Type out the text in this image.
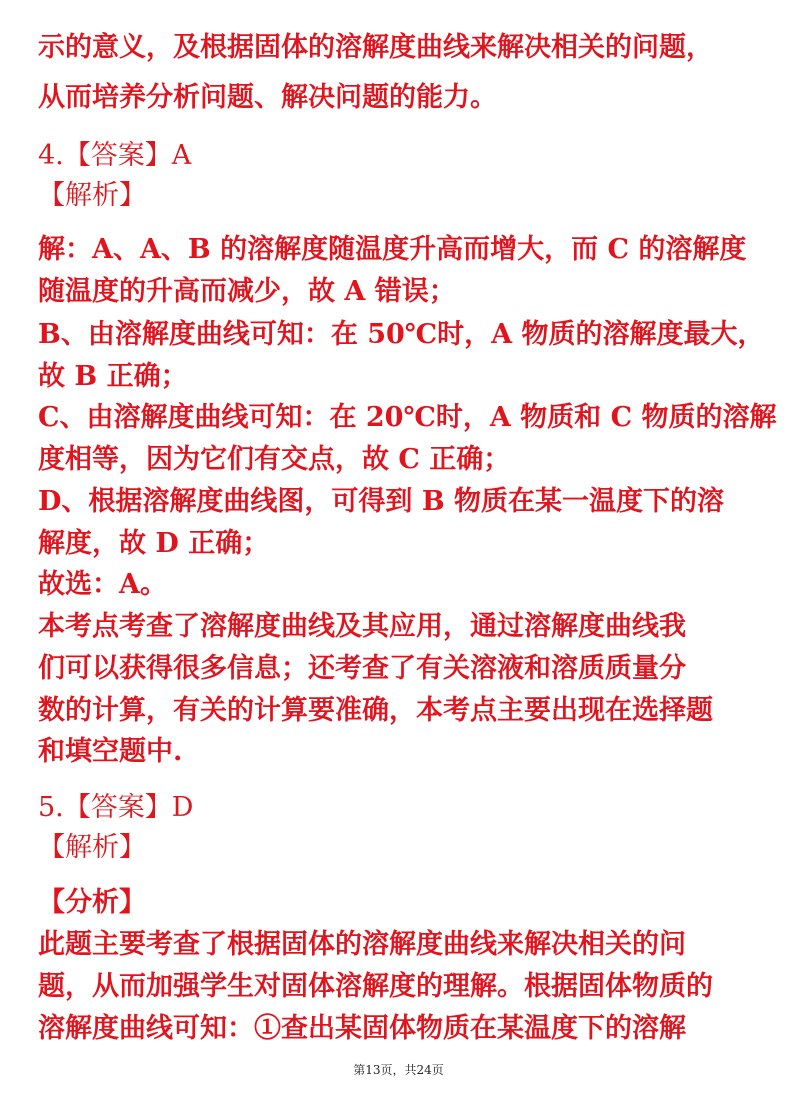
示的意义，及根据固体的溶解度曲线来解决相关的问题，
从而培养分析问题、解决问题的能力。
4.【答案】A
【解析】
解：A、A、B 的溶解度随温度升高而增大，而 C 的溶解度
随温度的升高而减少，故 A 错误；
B、由溶解度曲线可知：在 50℃时，A 物质的溶解度最大，
故 B 正确；
C、由溶解度曲线可知：在 20℃时，A 物质和 C 物质的溶解
度相等，因为它们有交点，故 C 正确；
D、根据溶解度曲线图，可得到 B 物质在某一温度下的溶
解度，故 D 正确；
故选：A。
本考点考查了溶解度曲线及其应用，通过溶解度曲线我
们可以获得很多信息；还考查了有关溶液和溶质质量分
数的计算，有关的计算要准确，本考点主要出现在选择题
和填空题中.
5.【答案】D
【解析】
【分析】
此题主要考查了根据固体的溶解度曲线来解决相关的问
题，从而加强学生对固体溶解度的理解。根据固体物质的
溶解度曲线可知：①查出某固体物质在某温度下的溶解
第13页，共24页
